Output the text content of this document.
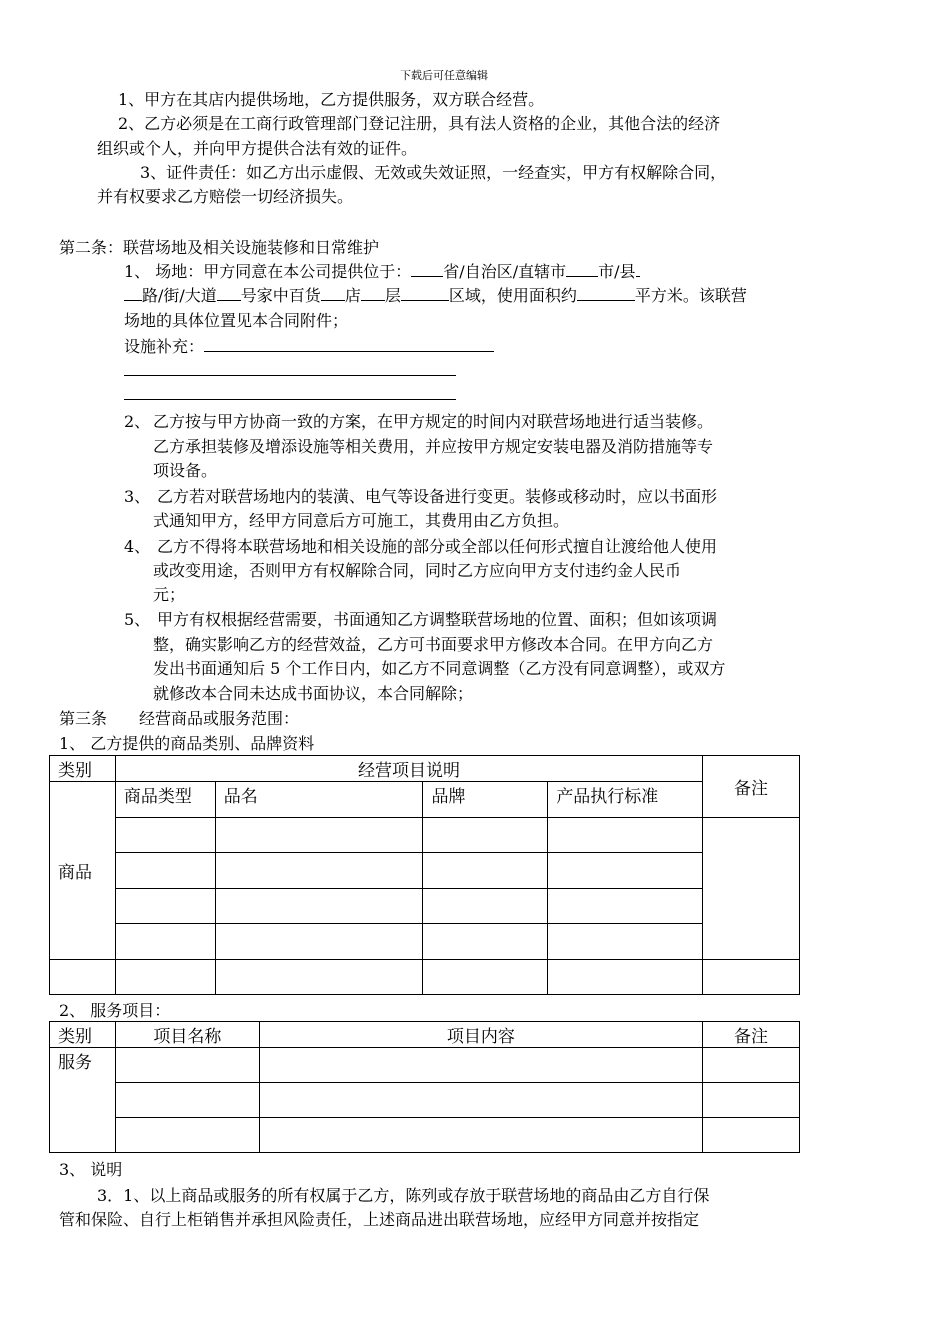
下载后可任意编辑
1、甲方在其店内提供场地，乙方提供服务，双方联合经营。
2、乙方必须是在工商行政管理部门登记注册，具有法人资格的企业，其他合法的经济
组织或个人，并向甲方提供合法有效的证件。
3、证件责任：如乙方出示虚假、无效或失效证照，一经查实，甲方有权解除合同，
并有权要求乙方赔偿一切经济损失。
第二条：联营场地及相关设施装修和日常维护
1、 场地：甲方同意在本公司提供位于： 省/自治区/直辖市 市/县
路/街/大道 号家中百货 店 层	区域，使用面积约	平方米。该联营
场地的具体位置见本合同附件；
设施补充：
2、 乙方按与甲方协商一致的方案，在甲方规定的时间内对联营场地进行适当装修。
乙方承担装修及增添设施等相关费用，并应按甲方规定安装电器及消防措施等专
项设备。
3、 乙方若对联营场地内的装潢、电气等设备进行变更。装修或移动时，应以书面形
式通知甲方，经甲方同意后方可施工，其费用由乙方负担。
4、 乙方不得将本联营场地和相关设施的部分或全部以任何形式擅自让渡给他人使用
或改变用途，否则甲方有权解除合同，同时乙方应向甲方支付违约金人民币
元；
5、 甲方有权根据经营需要，书面通知乙方调整联营场地的位置、面积；但如该项调
整，确实影响乙方的经营效益，乙方可书面要求甲方修改本合同。在甲方向乙方
发出书面通知后 5 个工作日内，如乙方不同意调整（乙方没有同意调整），或双方
就修改本合同未达成书面协议，本合同解除；
第三条　　经营商品或服务范围：
1、 乙方提供的商品类别、品牌资料
类别	经营项目说明				备注
商品	商品类型	品名	品牌	产品执行标准	

2、 服务项目：
类别	项目名称	项目内容	备注
服务			

3、 说明
3．1、以上商品或服务的所有权属于乙方，陈列或存放于联营场地的商品由乙方自行保
管和保险、自行上柜销售并承担风险责任，上述商品进出联营场地，应经甲方同意并按指定
